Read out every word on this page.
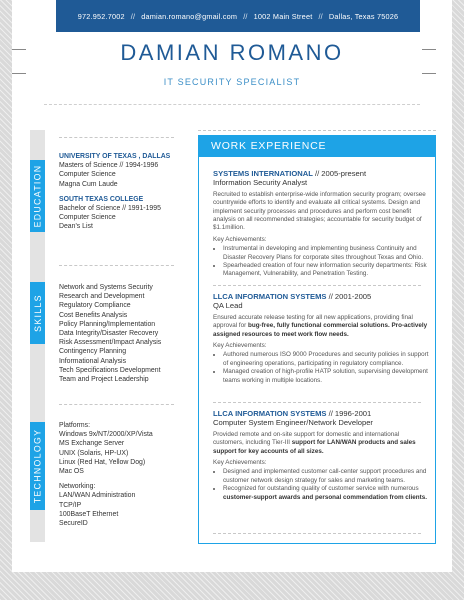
972.952.7002 // damian.romano@gmail.com // 1002 Main Street // Dallas, Texas 75026
DAMIAN ROMANO
IT SECURITY SPECIALIST
EDUCATION
SKILLS
TECHNOLOGY

UNIVERSITY OF TEXAS , DALLAS

Masters of Science // 1994-1996

Computer Science

Magna Cum Laude

SOUTH TEXAS COLLEGE

Bachelor of Science // 1991-1995

Computer Science

Dean's List

Network and Systems Security

Research and Development

Regulatory Compliance

Cost Benefits Analysis

Policy Planning/Implementation

Data Integrity/Disaster Recovery

Risk Assessment/Impact Analysis

Contingency Planning

Informational Analysis

Tech Specifications Development

Team and Project Leadership

Platforms:

Windows 9x/NT/2000/XP/Vista

MS Exchange Server

UNIX (Solaris, HP-UX)

Linux (Red Hat, Yellow Dog)

Mac OS

Networking:

LAN/WAN Administration

TCP/IP

100BaseT Ethernet

SecureID

WORK EXPERIENCE
SYSTEMS INTERNATIONAL // 2005-present
Information Security Analyst

Recruited to establish enterprise-wide information security program; oversee countrywide efforts to identify and evaluate all critical systems. Design and implement security processes and procedures and perform cost benefit analysis on all recommended strategies; accountable for security budget of $1.1million.

Key Achievements:

• Instrumental in developing and implementing business Continuity and Disaster Recovery Plans for corporate sites throughout Texas and Ohio.
• Spearheaded creation of four new information security departments: Risk Management, Vulnerability, and Penetration Testing.
LLCA INFORMATION SYSTEMS // 2001-2005
QA Lead

Ensured accurate release testing for all new applications, providing final approval for bug-free, fully functional commercial solutions. Pro-actively assigned resources to meet work flow needs.

Key Achievements:

• Authored numerous ISO 9000 Procedures and security policies in support of engineering operations, participating in regulatory compliance.
• Managed creation of high-profile HATP solution, supervising development teams working in multiple locations.
LLCA INFORMATION SYSTEMS // 1996-2001
Computer System Engineer/Network Developer

Provided remote and on-site support for domestic and international customers, including Tier-III support for LAN/WAN products and sales support for key accounts of all sizes.

Key Achievements:

• Designed and implemented customer call-center support procedures and customer network design strategy for sales and marketing teams.
• Recognized for outstanding quality of customer service with numerous customer-support awards and personal commendation from clients.
